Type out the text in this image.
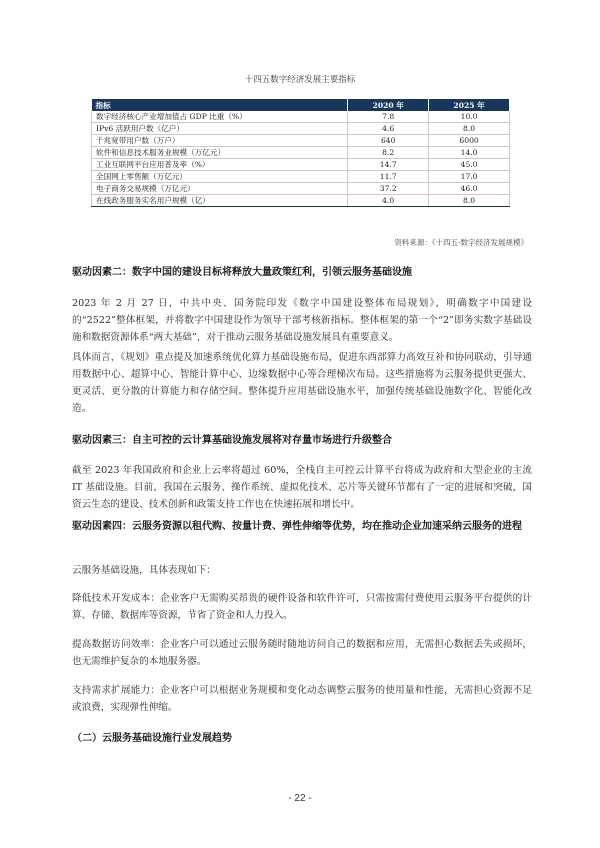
十四五数字经济发展主要指标
指标	2020 年	2025 年
数字经济核心产业增加值占 GDP 比重（%）	7.8	10.0
IPv6 活跃用户数（亿户）	4.6	8.0
千兆宽带用户数（万户）	640	6000
软件和信息技术服务业规模（万亿元）	8.2	14.0
工业互联网平台应用普及率（%）	14.7	45.0
全国网上零售额（万亿元）	11.7	17.0
电子商务交易规模（万亿元）	37.2	46.0
在线政务服务实名用户规模（亿）	4.0	8.0
资料来源：《十四五·数字经济发展规模》
驱动因素二：数字中国的建设目标将释放大量政策红利，引领云服务基础设施
2023 年 2 月 27 日，中共中央、国务院印发《数字中国建设整体布局规划》，明确数字中国建设的“2522”整体框架，并将数字中国建设作为领导干部考核新指标。整体框架的第一个“2”即务实数字基础设施和数据资源体系“两大基础”，对于推动云服务基础设施发展具有重要意义。
具体而言，《规划》重点提及加速系统优化算力基础设施布局，促进东西部算力高效互补和协同联动，引导通用数据中心、超算中心、智能计算中心、边缘数据中心等合理梯次布局。这些措施将为云服务提供更强大、更灵活、更分散的计算能力和存储空间。整体提升应用基础设施水平，加强传统基础设施数字化、智能化改造。
驱动因素三：自主可控的云计算基础设施发展将对存量市场进行升级整合
截至 2023 年我国政府和企业上云率将超过 60%，全栈自主可控云计算平台将成为政府和大型企业的主流 IT 基础设施。目前，我国在云服务、操作系统、虚拟化技术、芯片等关键环节都有了一定的进展和突破，国资云生态的建设、技术创新和政策支持工作也在快速拓展和增长中。
驱动因素四：云服务资源以租代购、按量计费、弹性伸缩等优势，均在推动企业加速采纳云服务的进程
云服务基础设施，具体表现如下：
降低技术开发成本：企业客户无需购买昂贵的硬件设备和软件许可，只需按需付费使用云服务平台提供的计算、存储、数据库等资源，节省了资金和人力投入。
提高数据访问效率：企业客户可以通过云服务随时随地访问自己的数据和应用，无需担心数据丢失或损坏，也无需维护复杂的本地服务器。
支持需求扩展能力：企业客户可以根据业务规模和变化动态调整云服务的使用量和性能，无需担心资源不足或浪费，实现弹性伸缩。
（二）云服务基础设施行业发展趋势
- 22 -
